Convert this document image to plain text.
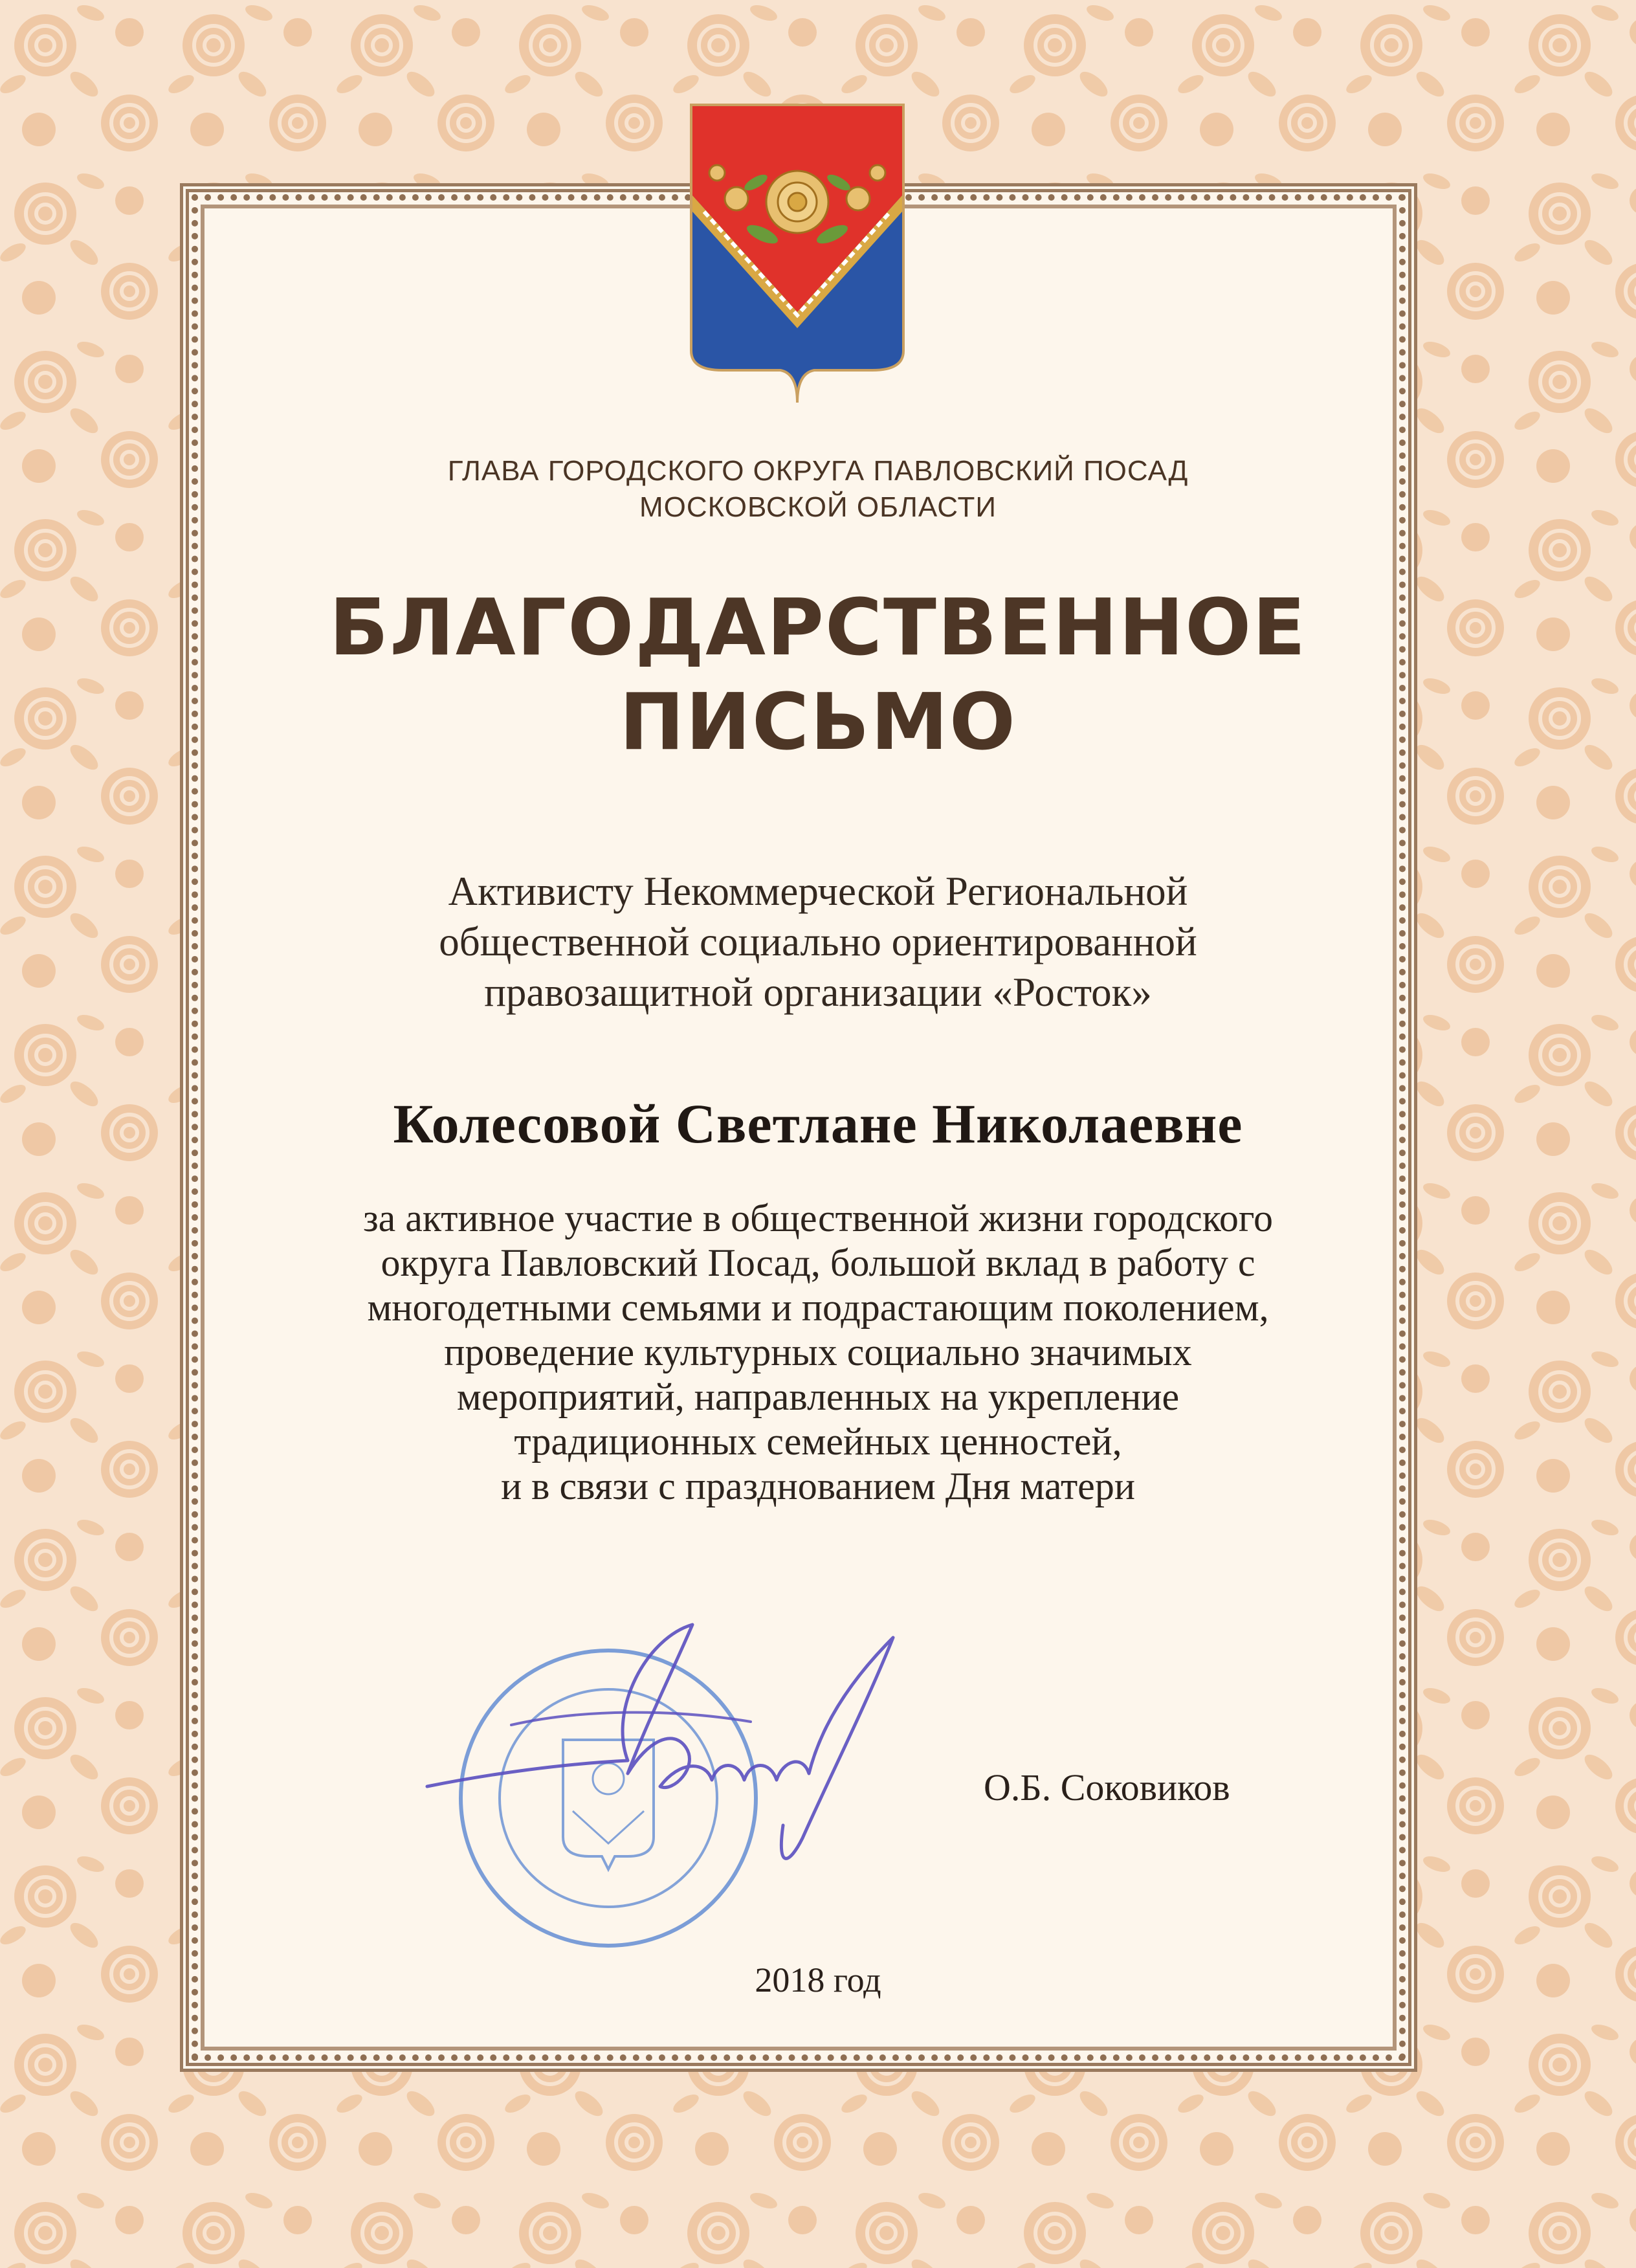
ГЛАВА ГОРОДСКОГО ОКРУГА ПАВЛОВСКИЙ ПОСАД
МОСКОВСКОЙ ОБЛАСТИ
БЛАГОДАРСТВЕННОЕ
ПИСЬМО
Активисту Некоммерческой Региональной
общественной социально ориентированной
правозащитной организации «Росток»
Колесовой Светлане Николаевне
за активное участие в общественной жизни городского
округа Павловский Посад, большой вклад в работу с
многодетными семьями и подрастающим поколением,
проведение культурных социально значимых
мероприятий, направленных на укрепление
традиционных семейных ценностей,
и в связи с празднованием Дня матери
О.Б. Соковиков
2018 год
